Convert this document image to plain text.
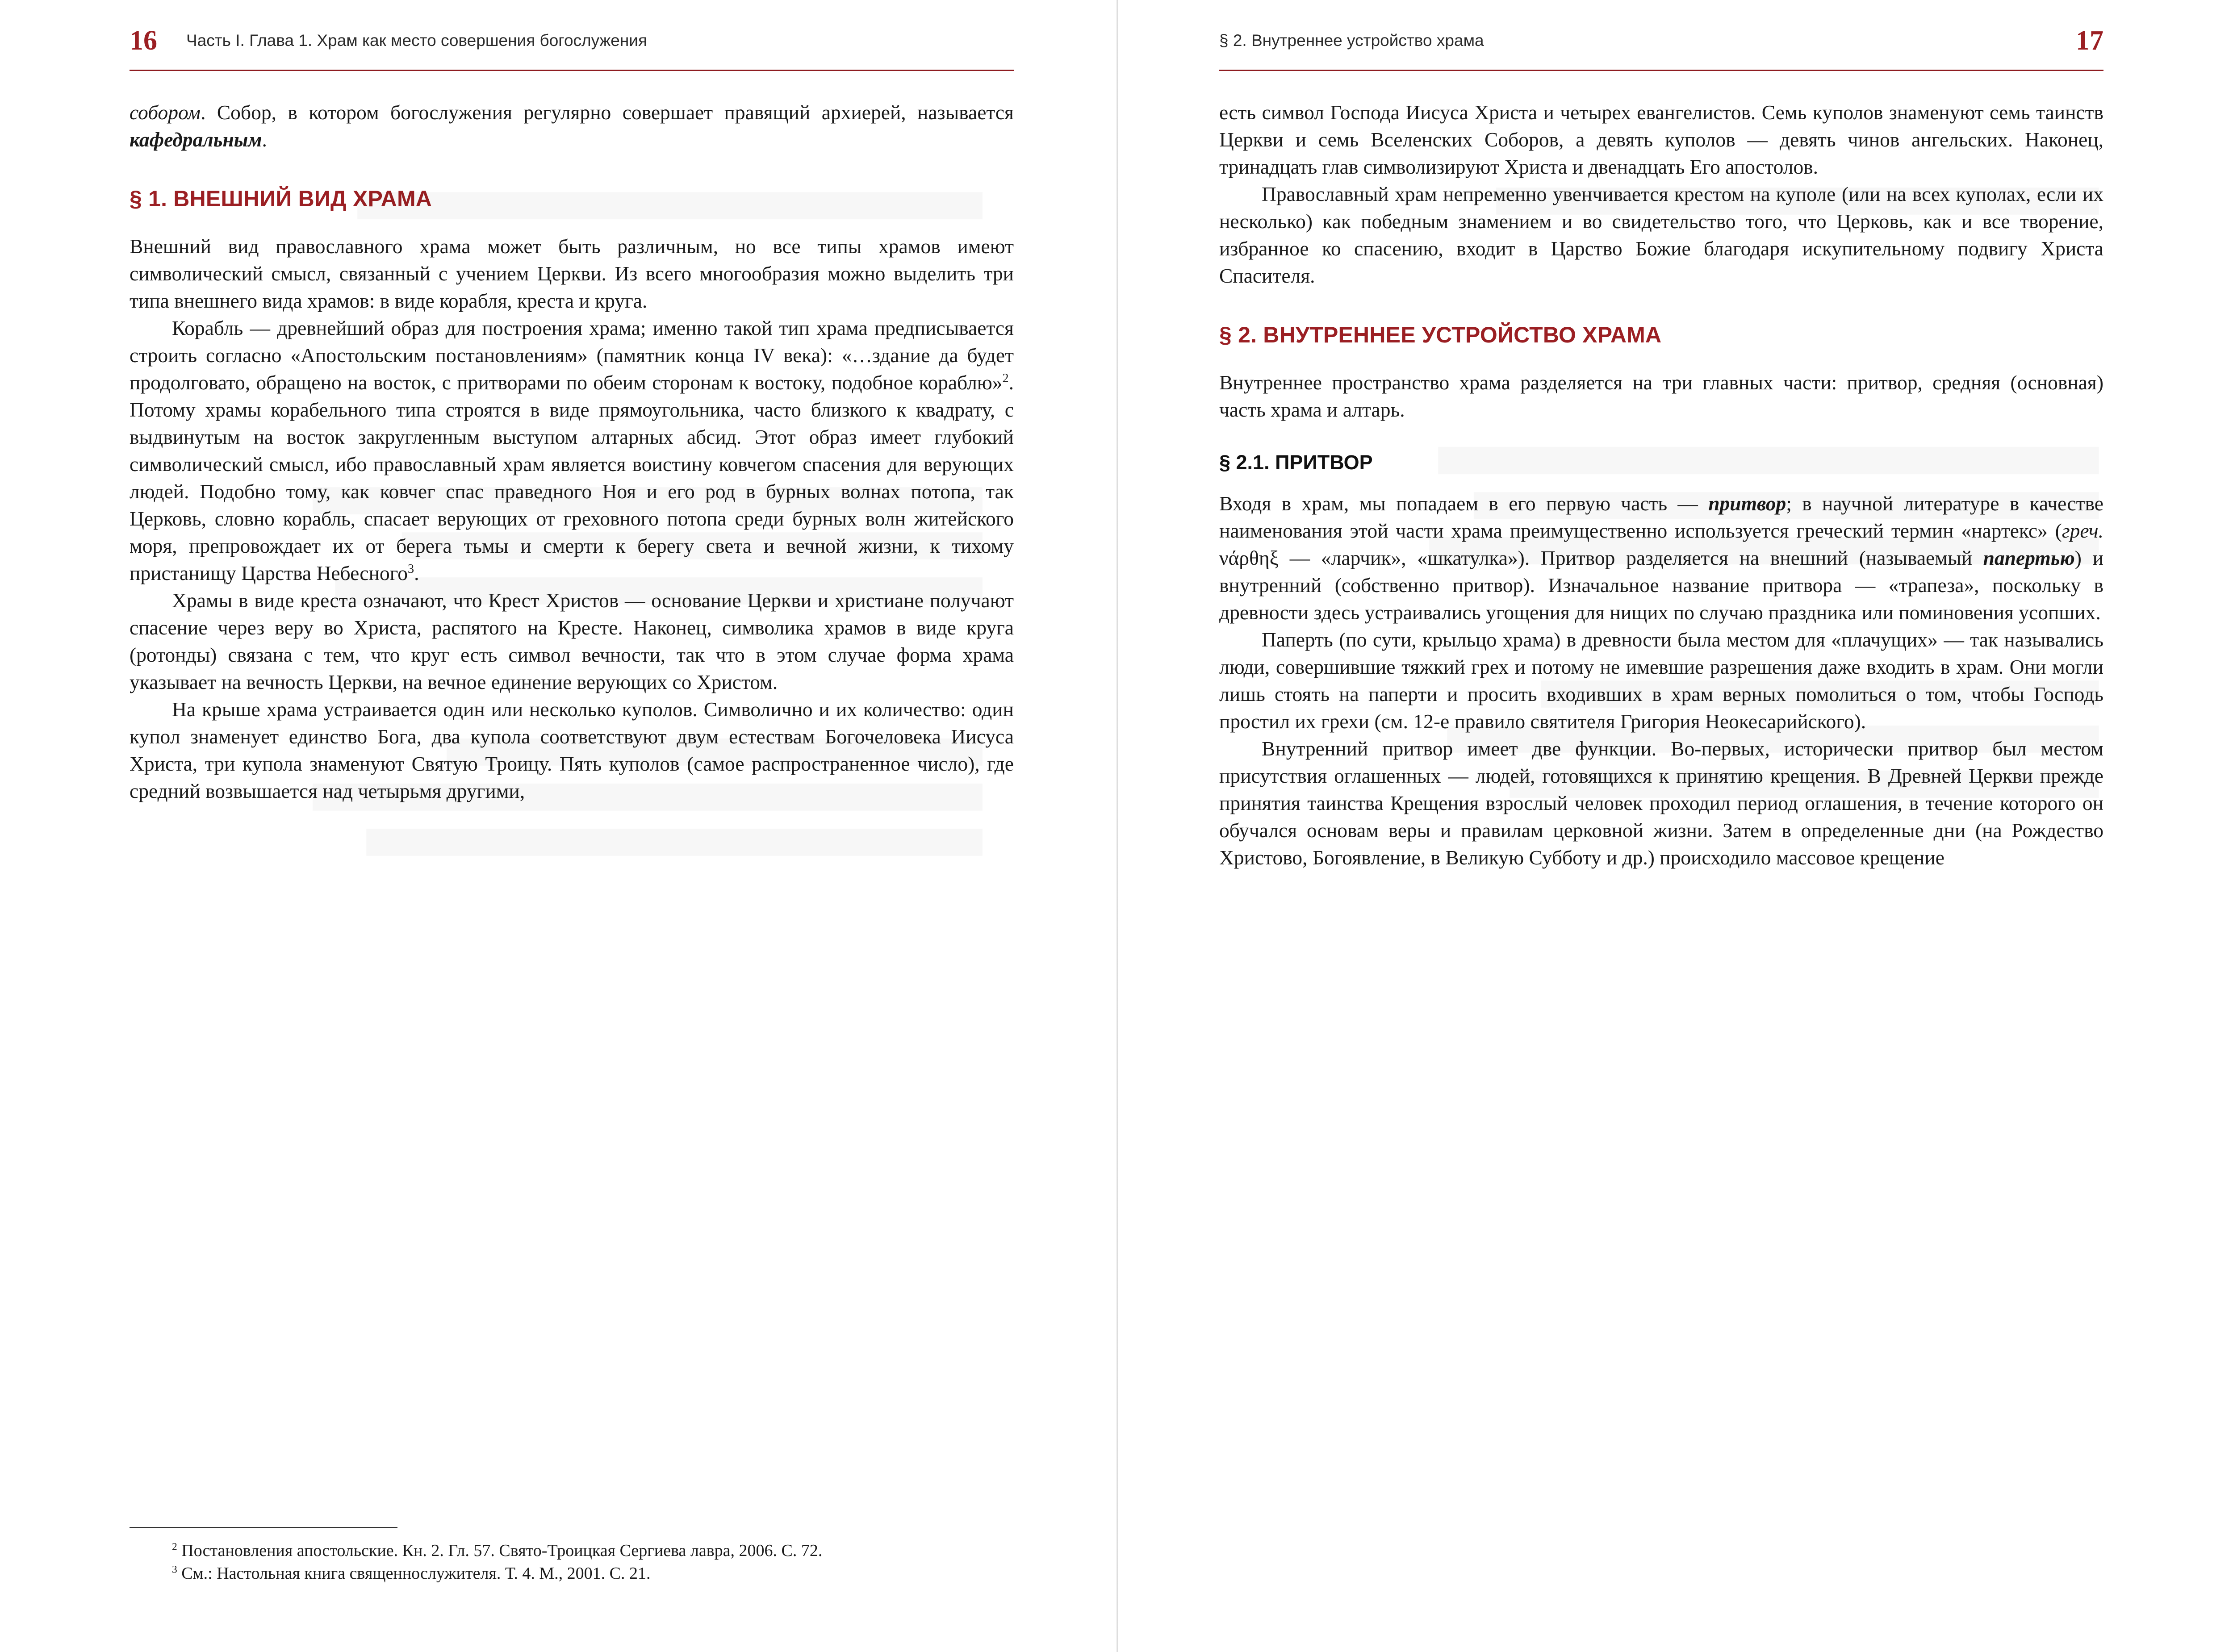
16 Часть I. Глава 1. Храм как место совершения богослужения

собором. Собор, в котором богослужения регулярно совершает правящий архиерей, называется кафедральным.

§ 1. ВНЕШНИЙ ВИД ХРАМА

Внешний вид православного храма может быть различным, но все типы храмов имеют символический смысл, связанный с учением Церкви. Из всего многообразия можно выделить три типа внешнего вида храмов: в виде корабля, креста и круга.

Корабль — древнейший образ для построения храма; именно такой тип храма предписывается строить согласно «Апостольским постановлениям» (памятник конца IV века): «…здание да будет продолговато, обращено на восток, с притворами по обеим сторонам к востоку, подобное кораблю»$^2$. Потому храмы корабельного типа строятся в виде прямоугольника, часто близкого к квадрату, с выдвинутым на восток закругленным выступом алтарных абсид. Этот образ имеет глубокий символический смысл, ибо православный храм является воистину ковчегом спасения для верующих людей. Подобно тому, как ковчег спас праведного Ноя и его род в бурных волнах потопа, так Церковь, словно корабль, спасает верующих от греховного потопа среди бурных волн житейского моря, препровождает их от берега тьмы и смерти к берегу света и вечной жизни, к тихому пристанищу Царства Небесного$^3$.

Храмы в виде креста означают, что Крест Христов — основание Церкви и христиане получают спасение через веру во Христа, распятого на Кресте. Наконец, символика храмов в виде круга (ротонды) связана с тем, что круг есть символ вечности, так что в этом случае форма храма указывает на вечность Церкви, на вечное единение верующих со Христом.

На крыше храма устраивается один или несколько куполов. Символично и их количество: один купол знаменует единство Бога, два купола соответствуют двум естествам Богочеловека Иисуса Христа, три купола знаменуют Святую Троицу. Пять куполов (самое распространенное число), где средний возвышается над четырьмя другими,

$^2$ Постановления апостольские. Кн. 2. Гл. 57. Свято-Троицкая Сергиева лавра, 2006. С. 72.

$^3$ См.: Настольная книга священнослужителя. Т. 4. М., 2001. С. 21.

§ 2. Внутреннее устройство храма	17

есть символ Господа Иисуса Христа и четырех евангелистов. Семь куполов знаменуют семь таинств Церкви и семь Вселенских Соборов, а девять куполов — девять чинов ангельских. Наконец, тринадцать глав символизируют Христа и двенадцать Его апостолов.

Православный храм непременно увенчивается крестом на куполе (или на всех куполах, если их несколько) как победным знамением и во свидетельство того, что Церковь, как и все творение, избранное ко спасению, входит в Царство Божие благодаря искупительному подвигу Христа Спасителя.

§ 2. ВНУТРЕННЕЕ УСТРОЙСТВО ХРАМА

Внутреннее пространство храма разделяется на три главных части: притвор, средняя (основная) часть храма и алтарь.

§ 2.1. ПРИТВОР

Входя в храм, мы попадаем в его первую часть — притвор; в научной литературе в качестве наименования этой части храма преимущественно используется греческий термин «нартекс» (греч. νάρθηξ — «ларчик», «шкатулка»). Притвор разделяется на внешний (называемый папертью) и внутренний (собственно притвор). Изначальное название притвора — «трапеза», поскольку в древности здесь устраивались угощения для нищих по случаю праздника или поминовения усопших.

Паперть (по сути, крыльцо храма) в древности была местом для «плачущих» — так назывались люди, совершившие тяжкий грех и потому не имевшие разрешения даже входить в храм. Они могли лишь стоять на паперти и просить входивших в храм верных помолиться о том, чтобы Господь простил их грехи (см. 12-е правило святителя Григория Неокесарийского).

Внутренний притвор имеет две функции. Во-первых, исторически притвор был местом присутствия оглашенных — людей, готовящихся к принятию крещения. В Древней Церкви прежде принятия таинства Крещения взрослый человек проходил период оглашения, в течение которого он обучался основам веры и правилам церковной жизни. Затем в определенные дни (на Рождество Христово, Богоявление, в Великую Субботу и др.) происходило массовое крещение
